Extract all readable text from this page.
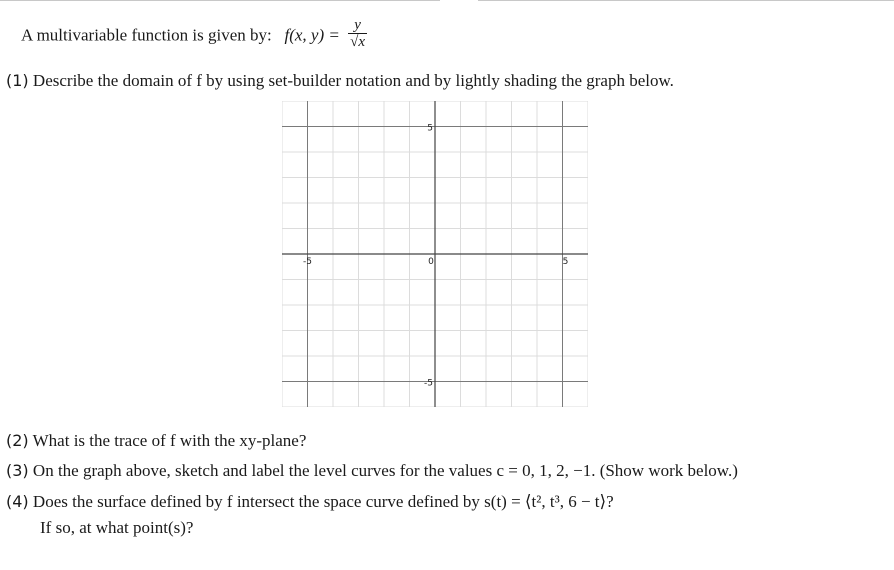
A multivariable function is given by: f(x, $y) = \frac{y}{√x}$
(1) Describe the domain of f by using set-builder notation and by lightly shading the graph below.
-5	5
0
5
-5
(2) What is the trace of f with the xy-plane?
(3) On the graph above, sketch and label the level curves for the values c = 0, 1, 2, −1. (Show work below.)
(4) Does the surface defined by f intersect the space curve defined by s(t) = ⟨t², t³, 6 − t⟩?
If so, at what point(s)?
